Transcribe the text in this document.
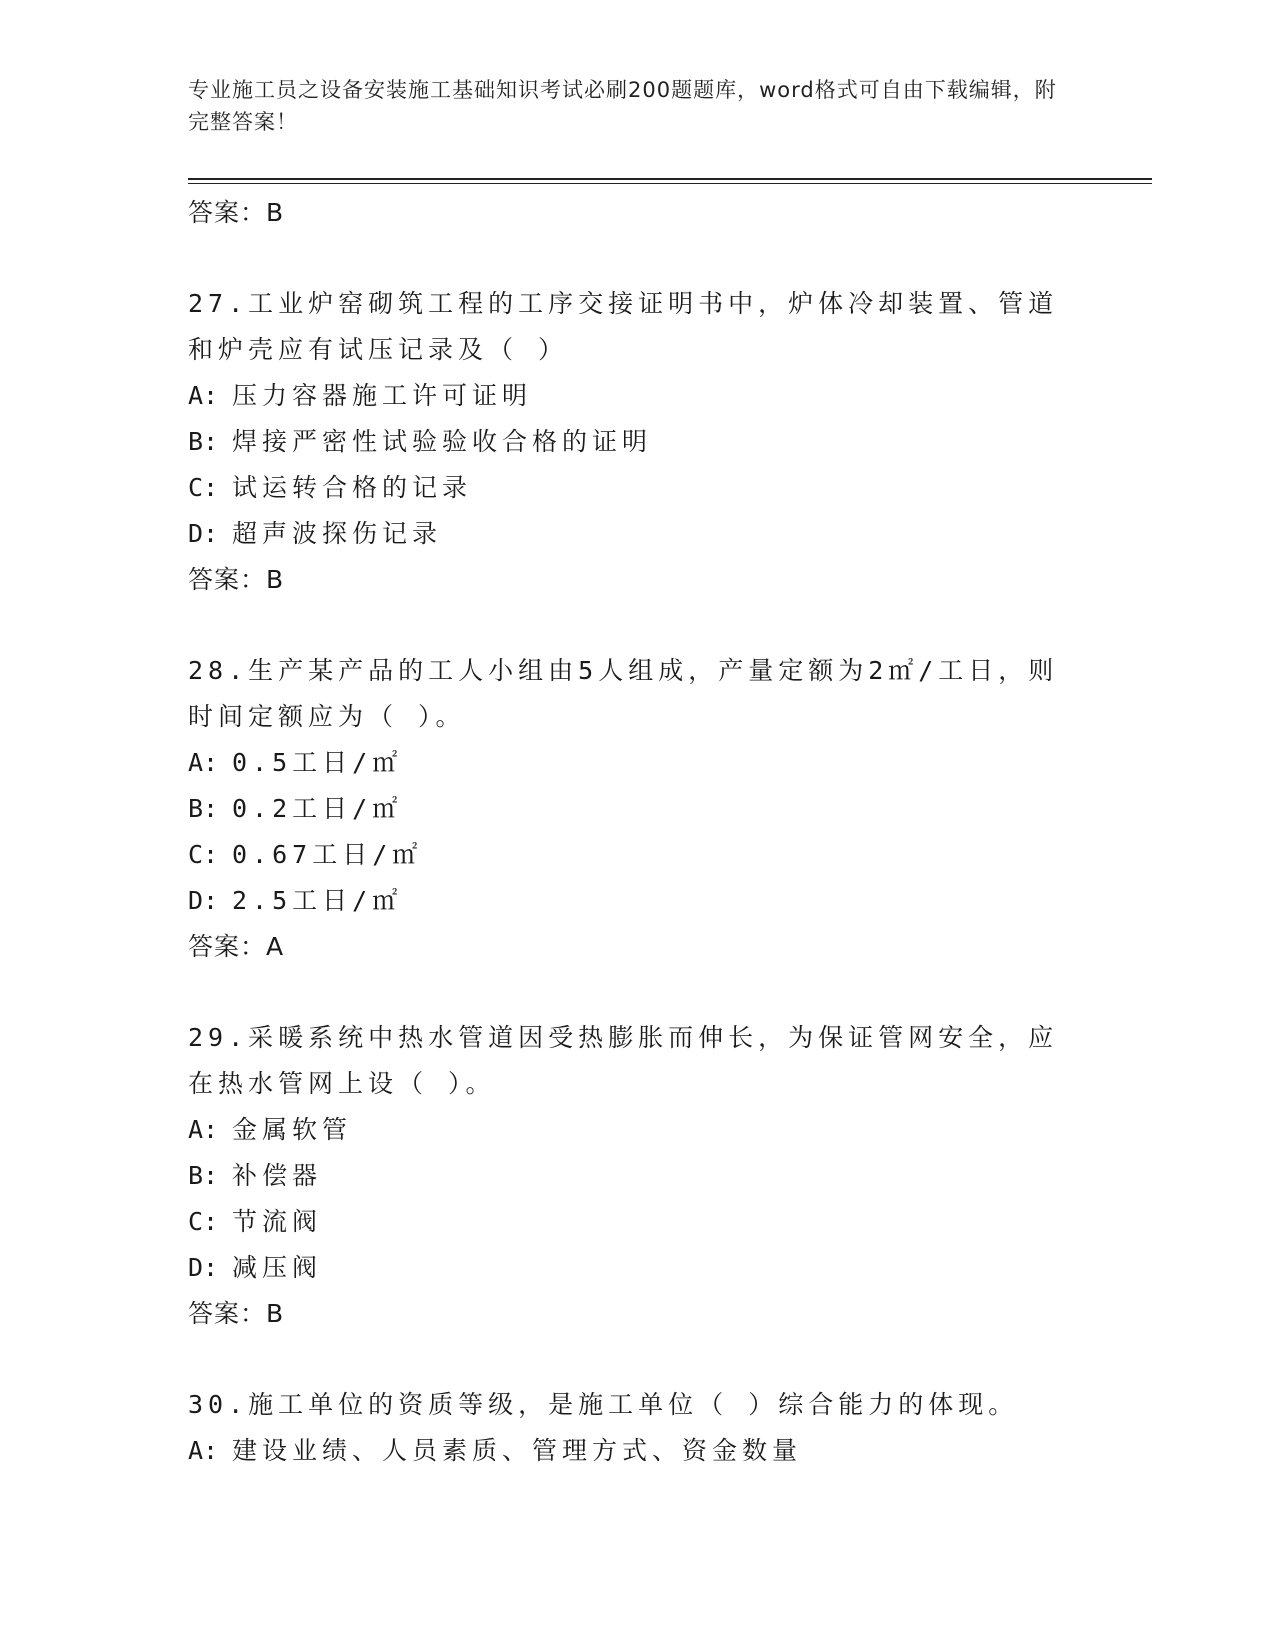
专业施工员之设备安装施工基础知识考试必刷200题题库，word格式可自由下载编辑，附完整答案！

答案：B

27.工业炉窑砌筑工程的工序交接证明书中，炉体冷却装置、管道和炉壳应有试压记录及（ ）

A: 压力容器施工许可证明

B: 焊接严密性试验验收合格的证明

C: 试运转合格的记录

D: 超声波探伤记录

答案：B

28.生产某产品的工人小组由5人组成，产量定额为2㎡/工日，则时间定额应为（ ）。

A: 0.5工日/㎡

B: 0.2工日/㎡

C: 0.67工日/㎡

D: 2.5工日/㎡

答案：A

29.采暖系统中热水管道因受热膨胀而伸长，为保证管网安全，应在热水管网上设（ ）。

A: 金属软管

B: 补偿器

C: 节流阀

D: 减压阀

答案：B

30.施工单位的资质等级，是施工单位（ ）综合能力的体现。

A: 建设业绩、人员素质、管理方式、资金数量
